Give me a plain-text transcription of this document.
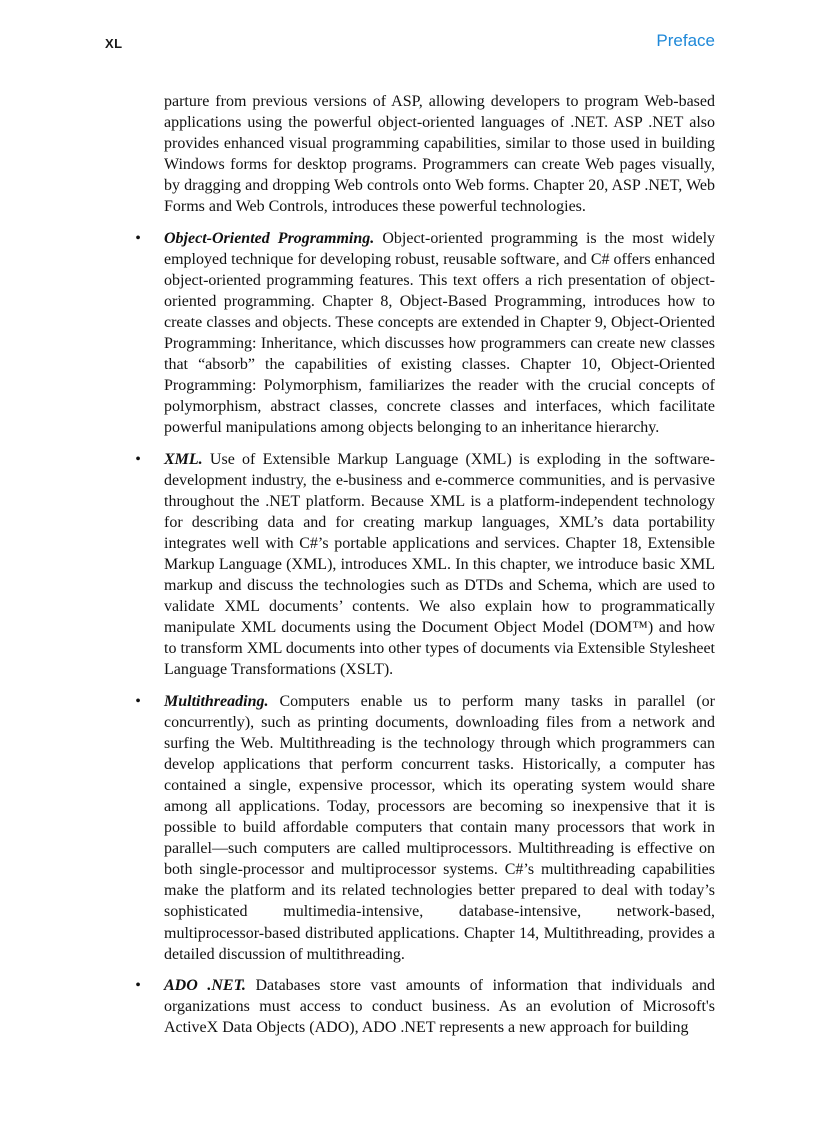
XL	Preface

parture from previous versions of ASP, allowing developers to program Web-based applications using the powerful object-oriented languages of .NET. ASP .NET also provides enhanced visual programming capabilities, similar to those used in building Windows forms for desktop programs. Programmers can create Web pages visually, by dragging and dropping Web controls onto Web forms. Chapter 20, ASP .NET, Web Forms and Web Controls, introduces these powerful technologies.

• Object-Oriented Programming. Object-oriented programming is the most widely employed technique for developing robust, reusable software, and C# offers enhanced object-oriented programming features. This text offers a rich presentation of object-oriented programming. Chapter 8, Object-Based Programming, introduces how to create classes and objects. These concepts are extended in Chapter 9, Object-Oriented Programming: Inheritance, which discusses how programmers can create new classes that “absorb” the capabilities of existing classes. Chapter 10, Object-Oriented Programming: Polymorphism, familiarizes the reader with the crucial concepts of polymorphism, abstract classes, concrete classes and interfaces, which facilitate powerful manipulations among objects belonging to an inheritance hierarchy.
• XML. Use of Extensible Markup Language (XML) is exploding in the software-development industry, the e-business and e-commerce communities, and is pervasive throughout the .NET platform. Because XML is a platform-independent technology for describing data and for creating markup languages, XML’s data portability integrates well with C#’s portable applications and services. Chapter 18, Extensible Markup Language (XML), introduces XML. In this chapter, we introduce basic XML markup and discuss the technologies such as DTDs and Schema, which are used to validate XML documents’ contents. We also explain how to programmatically manipulate XML documents using the Document Object Model (DOM™) and how to transform XML documents into other types of documents via Extensible Stylesheet Language Transformations (XSLT).
• Multithreading. Computers enable us to perform many tasks in parallel (or concurrently), such as printing documents, downloading files from a network and surfing the Web. Multithreading is the technology through which programmers can develop applications that perform concurrent tasks. Historically, a computer has contained a single, expensive processor, which its operating system would share among all applications. Today, processors are becoming so inexpensive that it is possible to build affordable computers that contain many processors that work in parallel—such computers are called multiprocessors. Multithreading is effective on both single-processor and multiprocessor systems. C#’s multithreading capabilities make the platform and its related technologies better prepared to deal with today’s sophisticated multimedia-intensive, database-intensive, network-based, multiprocessor-based distributed applications. Chapter 14, Multithreading, provides a detailed discussion of multithreading.
• ADO .NET. Databases store vast amounts of information that individuals and organizations must access to conduct business. As an evolution of Microsoft's ActiveX Data Objects (ADO), ADO .NET represents a new approach for building
